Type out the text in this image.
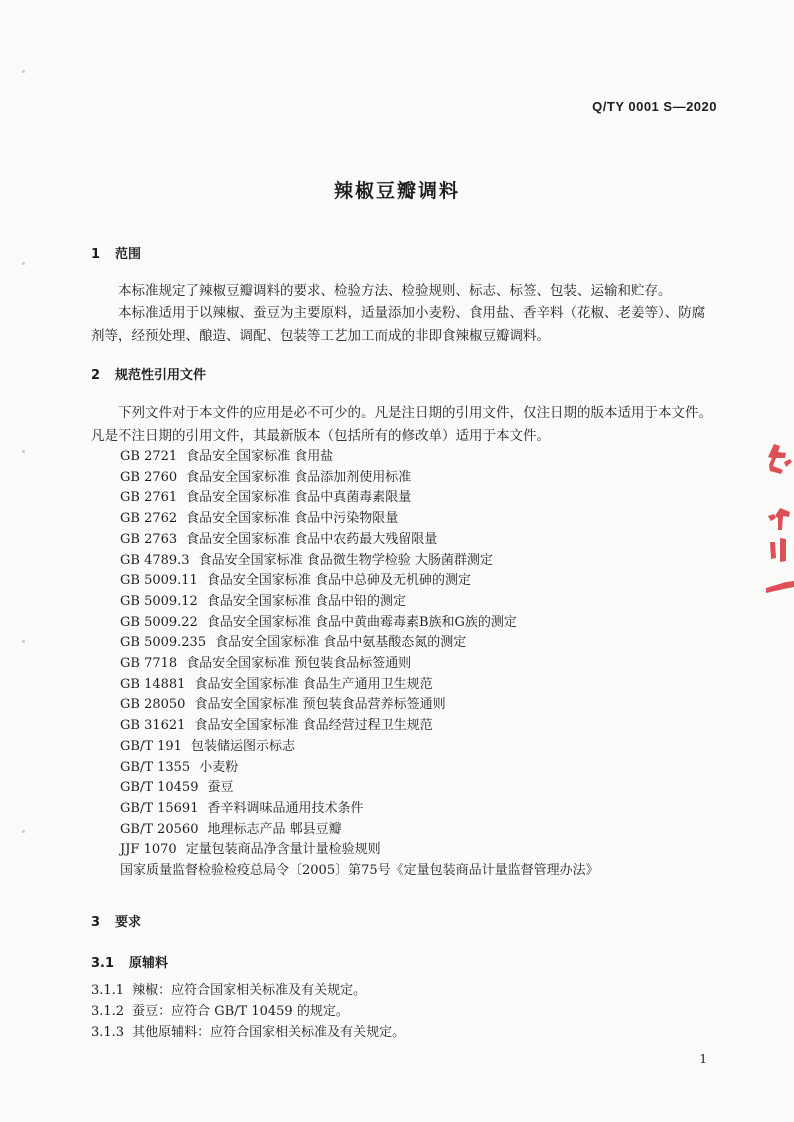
Q/TY 0001 S—2020
辣椒豆瓣调料
1 范围

本标准规定了辣椒豆瓣调料的要求、检验方法、检验规则、标志、标签、包装、运输和贮存。

本标准适用于以辣椒、蚕豆为主要原料，适量添加小麦粉、食用盐、香辛料（花椒、老姜等）、防腐剂等，经预处理、酿造、调配、包装等工艺加工而成的非即食辣椒豆瓣调料。

2 规范性引用文件

下列文件对于本文件的应用是必不可少的。凡是注日期的引用文件，仅注日期的版本适用于本文件。凡是不注日期的引用文件，其最新版本（包括所有的修改单）适用于本文件。

GB 2721 食品安全国家标准 食用盐
GB 2760 食品安全国家标准 食品添加剂使用标准
GB 2761 食品安全国家标准 食品中真菌毒素限量
GB 2762 食品安全国家标准 食品中污染物限量
GB 2763 食品安全国家标准 食品中农药最大残留限量
GB 4789.3 食品安全国家标准 食品微生物学检验 大肠菌群测定
GB 5009.11 食品安全国家标准 食品中总砷及无机砷的测定
GB 5009.12 食品安全国家标准 食品中铅的测定
GB 5009.22 食品安全国家标准 食品中黄曲霉毒素B族和G族的测定
GB 5009.235 食品安全国家标准 食品中氨基酸态氮的测定
GB 7718 食品安全国家标准 预包装食品标签通则
GB 14881 食品安全国家标准 食品生产通用卫生规范
GB 28050 食品安全国家标准 预包装食品营养标签通则
GB 31621 食品安全国家标准 食品经营过程卫生规范
GB/T 191 包装储运图示标志
GB/T 1355 小麦粉
GB/T 10459 蚕豆
GB/T 15691 香辛料调味品通用技术条件
GB/T 20560 地理标志产品 郫县豆瓣
JJF 1070 定量包装商品净含量计量检验规则
国家质量监督检验检疫总局令〔2005〕第75号《定量包装商品计量监督管理办法》
3 要求
3.1 原辅料
3.1.1 辣椒：应符合国家相关标准及有关规定。
3.1.2 蚕豆：应符合 GB/T 10459 的规定。
3.1.3 其他原辅料：应符合国家相关标准及有关规定。
1
